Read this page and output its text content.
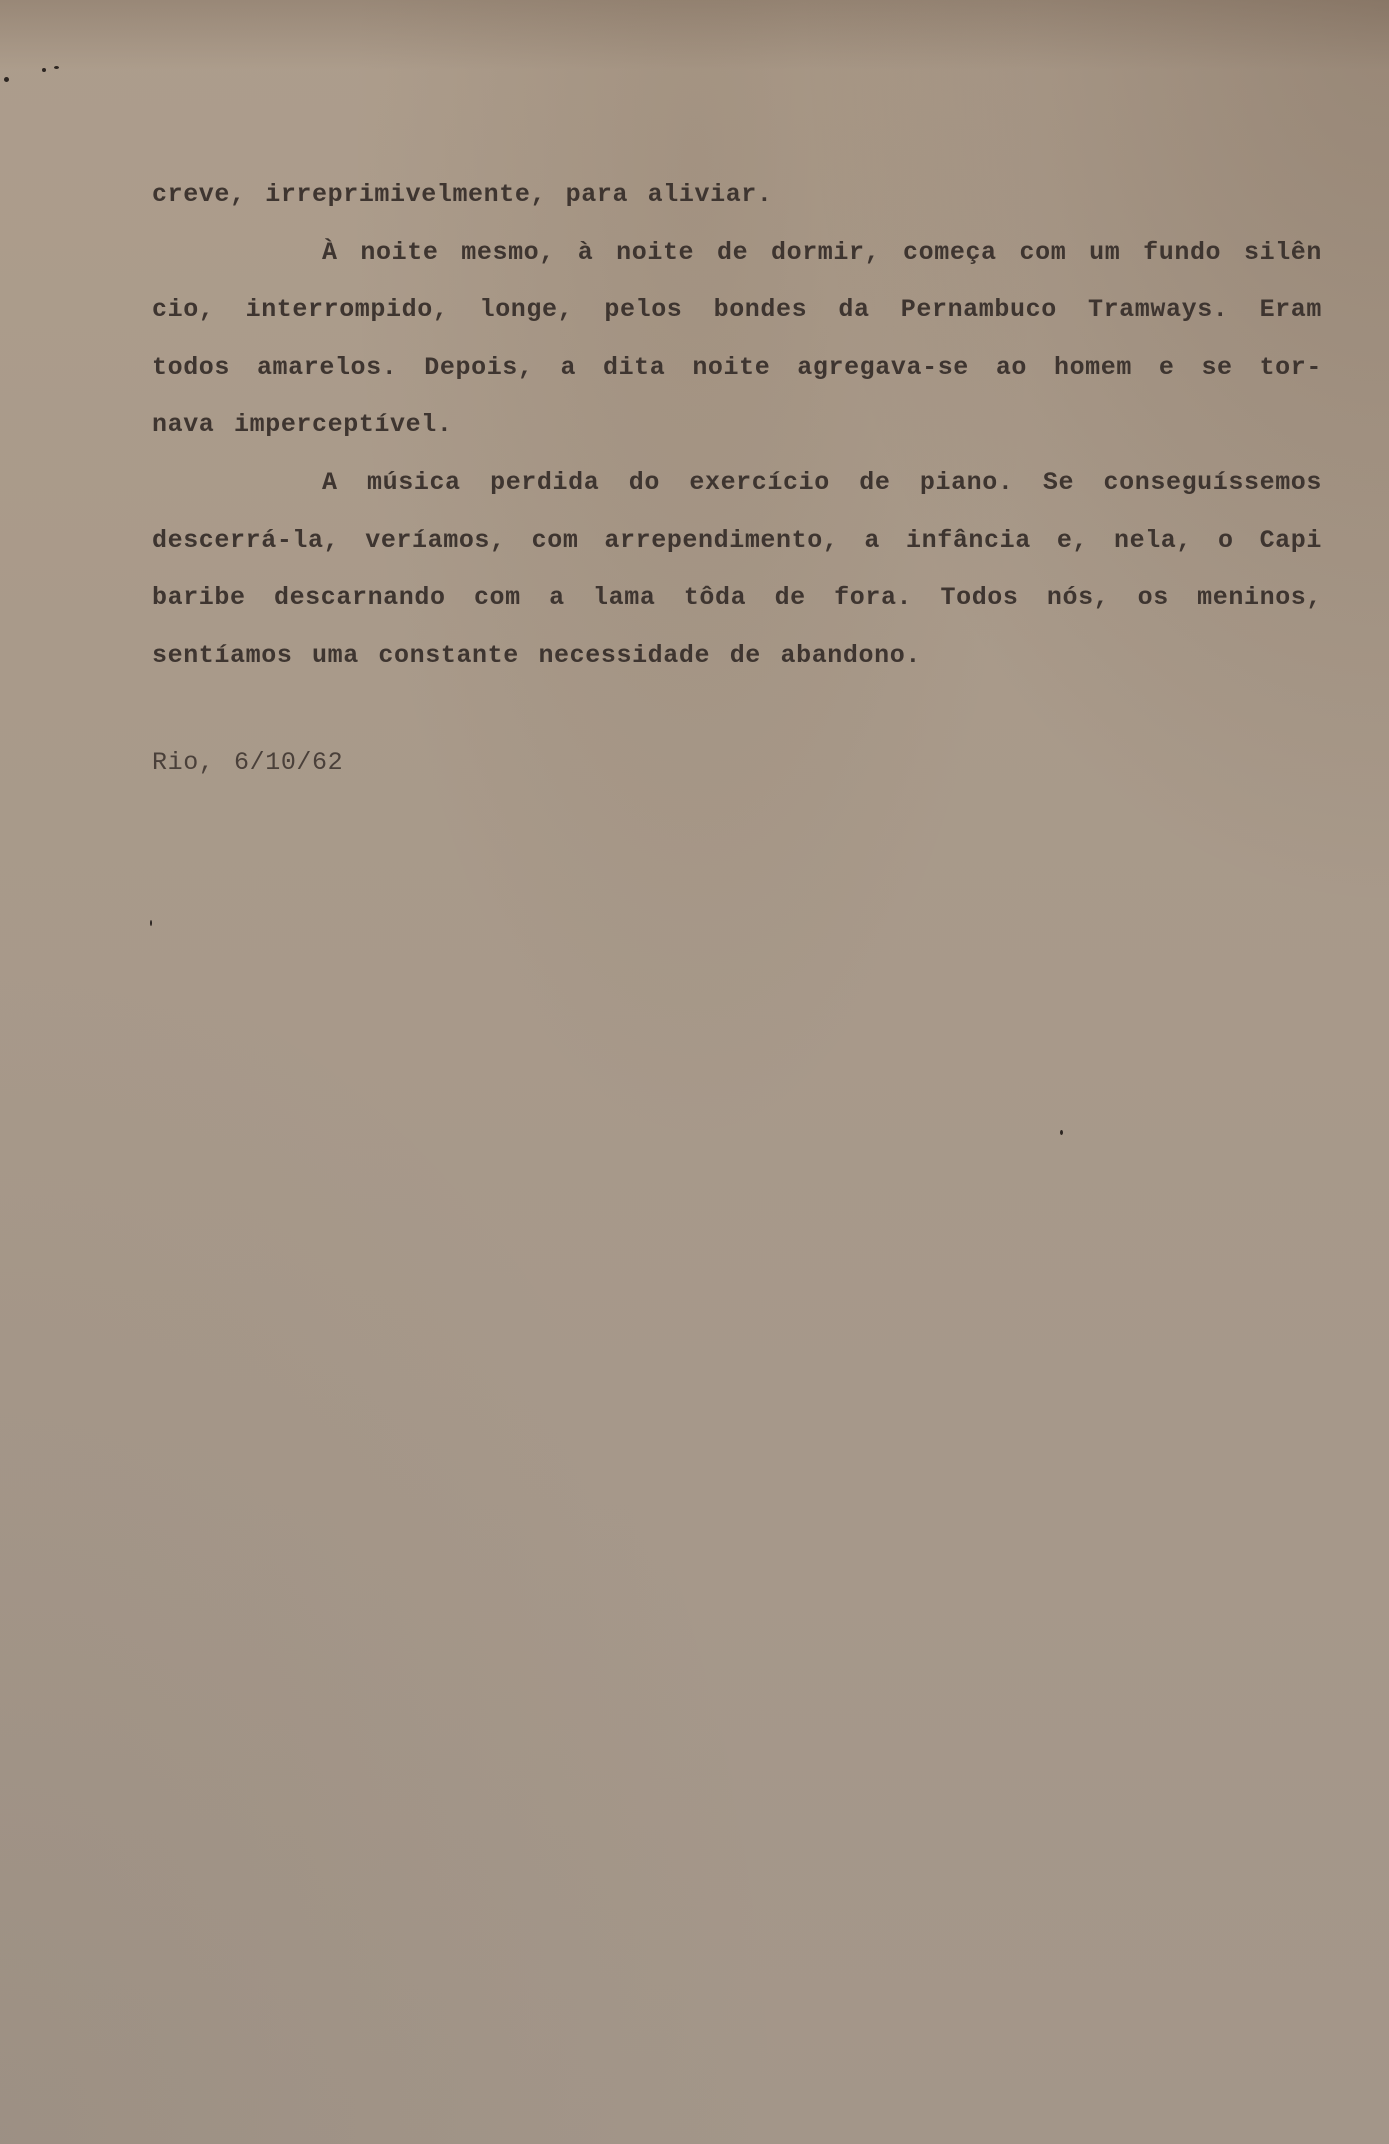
creve, irreprimivelmente, para aliviar.
À noite mesmo, à noite de dormir, começa com um fundo silên
cio, interrompido, longe, pelos bondes da Pernambuco Tramways. Eram
todos amarelos. Depois, a dita noite agregava-se ao homem e se tor-
nava imperceptível.
A música perdida do exercício de piano. Se conseguíssemos
descerrá-la, veríamos, com arrependimento, a infância e, nela, o Capi
baribe descarnando com a lama tôda de fora. Todos nós, os meninos,
sentíamos uma constante necessidade de abandono.
Rio, 6/10/62
